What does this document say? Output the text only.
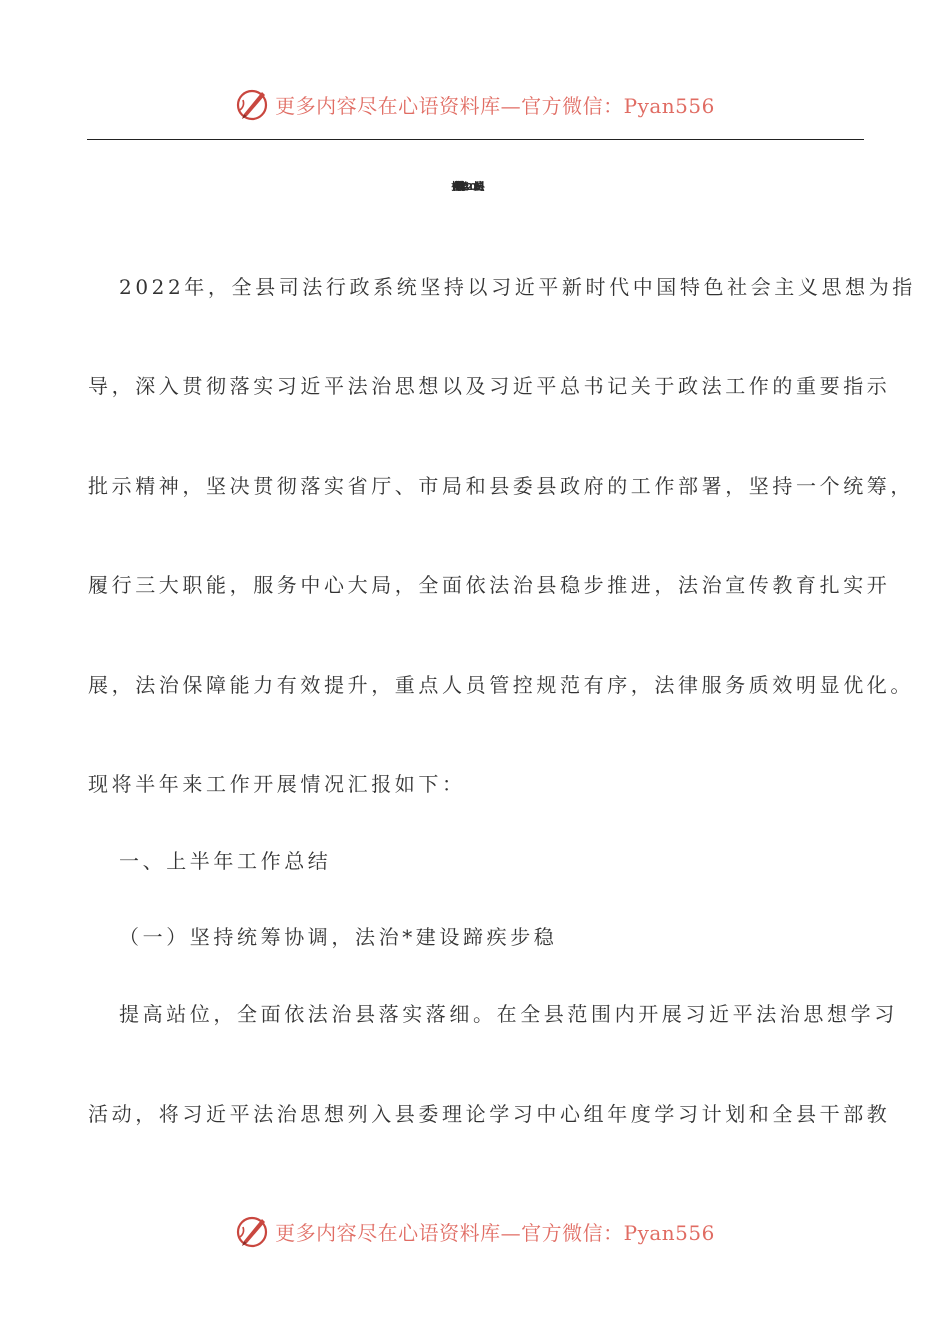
更多内容尽在心语资料库—官方微信：Pyan556
2022年，全县司法行政系统坚持以习近平新时代中国特色社会主义思想为指
导，深入贯彻落实习近平法治思想以及习近平总书记关于政法工作的重要指示
批示精神，坚决贯彻落实省厅、市局和县委县政府的工作部署，坚持一个统筹，
履行三大职能，服务中心大局，全面依法治县稳步推进，法治宣传教育扎实开
展，法治保障能力有效提升，重点人员管控规范有序，法律服务质效明显优化。
现将半年来工作开展情况汇报如下：
一、上半年工作总结
（一）坚持统筹协调，法治*建设蹄疾步稳
提高站位，全面依法治县落实落细。在全县范围内开展习近平法治思想学习
活动，将习近平法治思想列入县委理论学习中心组年度学习计划和全县干部教
更多内容尽在心语资料库—官方微信：Pyan556
